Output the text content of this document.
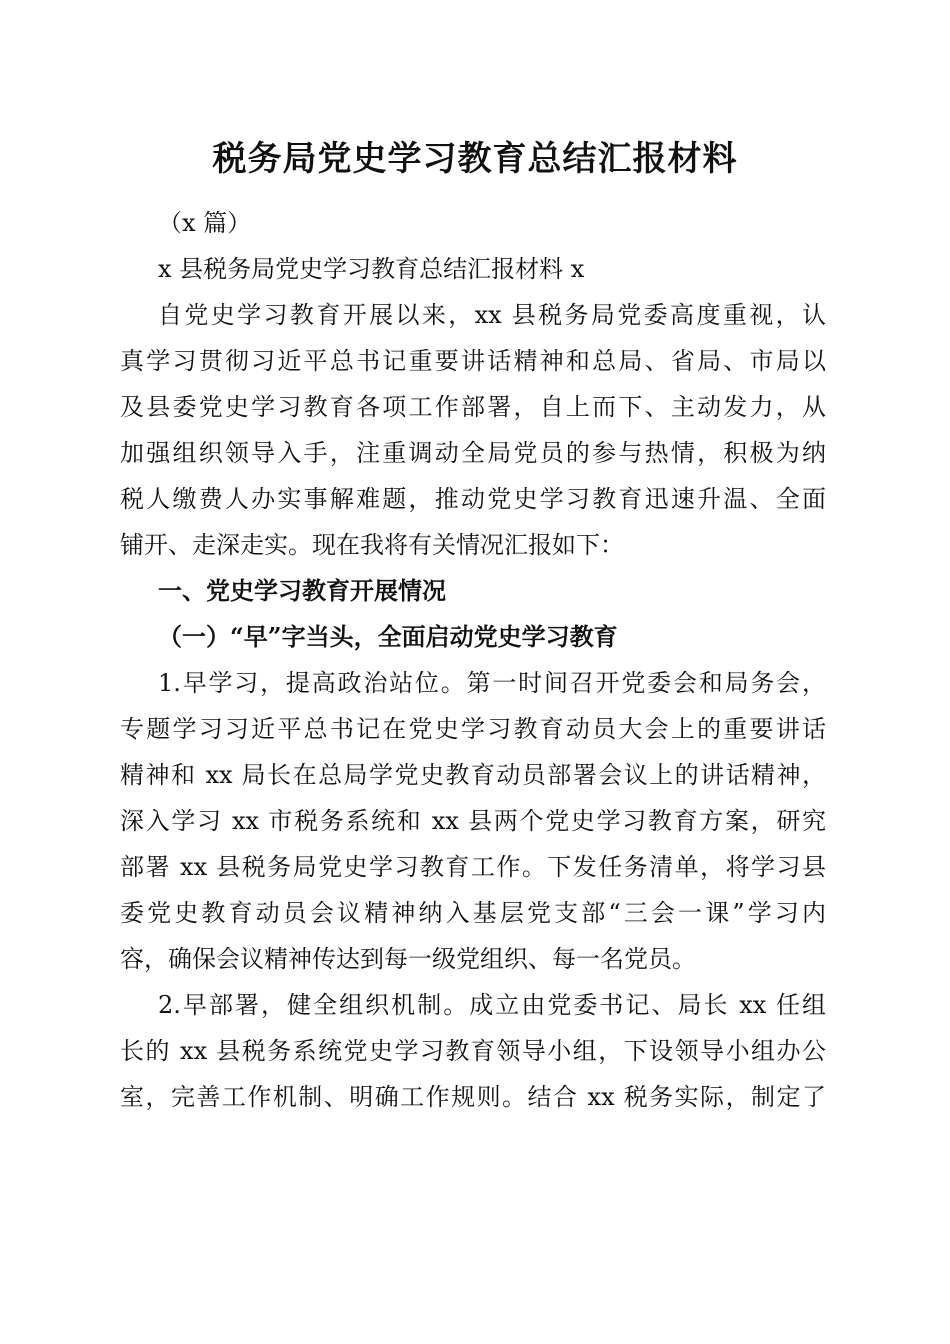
税务局党史学习教育总结汇报材料
（x 篇）
x 县税务局党史学习教育总结汇报材料 x
自党史学习教育开展以来，xx 县税务局党委高度重视，认
真学习贯彻习近平总书记重要讲话精神和总局、省局、市局以
及县委党史学习教育各项工作部署，自上而下、主动发力，从
加强组织领导入手，注重调动全局党员的参与热情，积极为纳
税人缴费人办实事解难题，推动党史学习教育迅速升温、全面
铺开、走深走实。现在我将有关情况汇报如下：
一、党史学习教育开展情况
（一）“早”字当头，全面启动党史学习教育
1.早学习，提高政治站位。第一时间召开党委会和局务会，
专题学习习近平总书记在党史学习教育动员大会上的重要讲话
精神和 xx 局长在总局学党史教育动员部署会议上的讲话精神，
深入学习 xx 市税务系统和 xx 县两个党史学习教育方案，研究
部署 xx 县税务局党史学习教育工作。下发任务清单，将学习县
委党史教育动员会议精神纳入基层党支部“三会一课”学习内
容，确保会议精神传达到每一级党组织、每一名党员。
2.早部署，健全组织机制。成立由党委书记、局长 xx 任组
长的 xx 县税务系统党史学习教育领导小组，下设领导小组办公
室，完善工作机制、明确工作规则。结合 xx 税务实际，制定了
